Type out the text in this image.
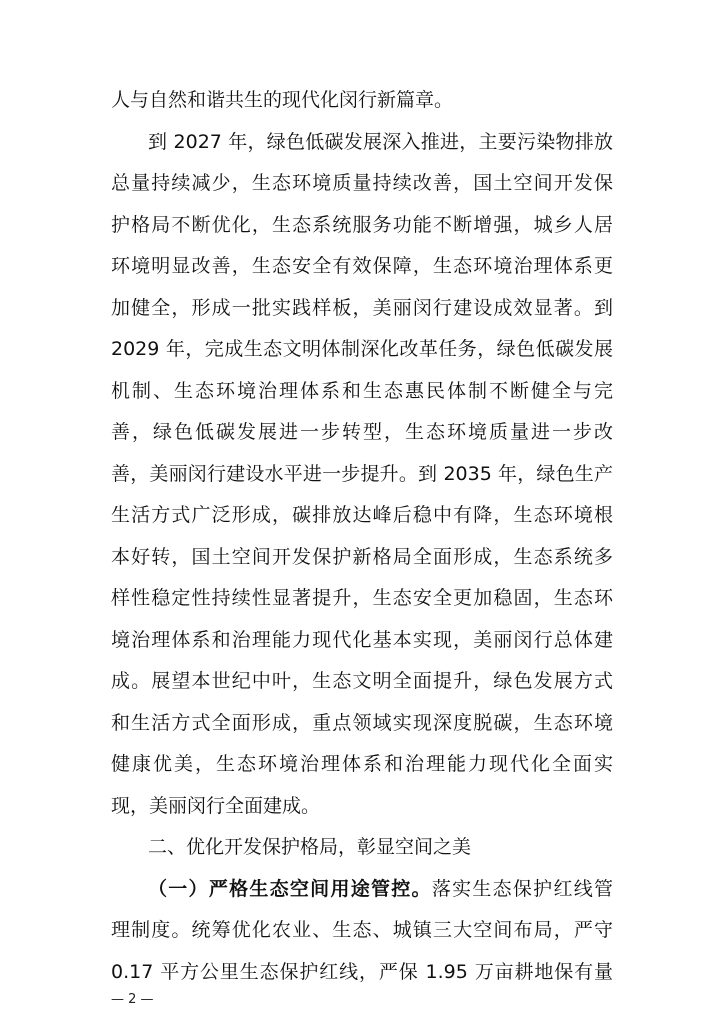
人与自然和谐共生的现代化闵行新篇章。
到 2027 年，绿色低碳发展深入推进，主要污染物排放
总量持续减少，生态环境质量持续改善，国土空间开发保
护格局不断优化，生态系统服务功能不断增强，城乡人居
环境明显改善，生态安全有效保障，生态环境治理体系更
加健全，形成一批实践样板，美丽闵行建设成效显著。到
2029 年，完成生态文明体制深化改革任务，绿色低碳发展
机制、生态环境治理体系和生态惠民体制不断健全与完
善，绿色低碳发展进一步转型，生态环境质量进一步改
善，美丽闵行建设水平进一步提升。到 2035 年，绿色生产
生活方式广泛形成，碳排放达峰后稳中有降，生态环境根
本好转，国土空间开发保护新格局全面形成，生态系统多
样性稳定性持续性显著提升，生态安全更加稳固，生态环
境治理体系和治理能力现代化基本实现，美丽闵行总体建
成。展望本世纪中叶，生态文明全面提升，绿色发展方式
和生活方式全面形成，重点领域实现深度脱碳，生态环境
健康优美，生态环境治理体系和治理能力现代化全面实
现，美丽闵行全面建成。
二、优化开发保护格局，彰显空间之美
（一）严格生态空间用途管控。落实生态保护红线管
理制度。统筹优化农业、生态、城镇三大空间布局，严守
0.17 平方公里生态保护红线，严保 1.95 万亩耕地保有量
— 2 —
